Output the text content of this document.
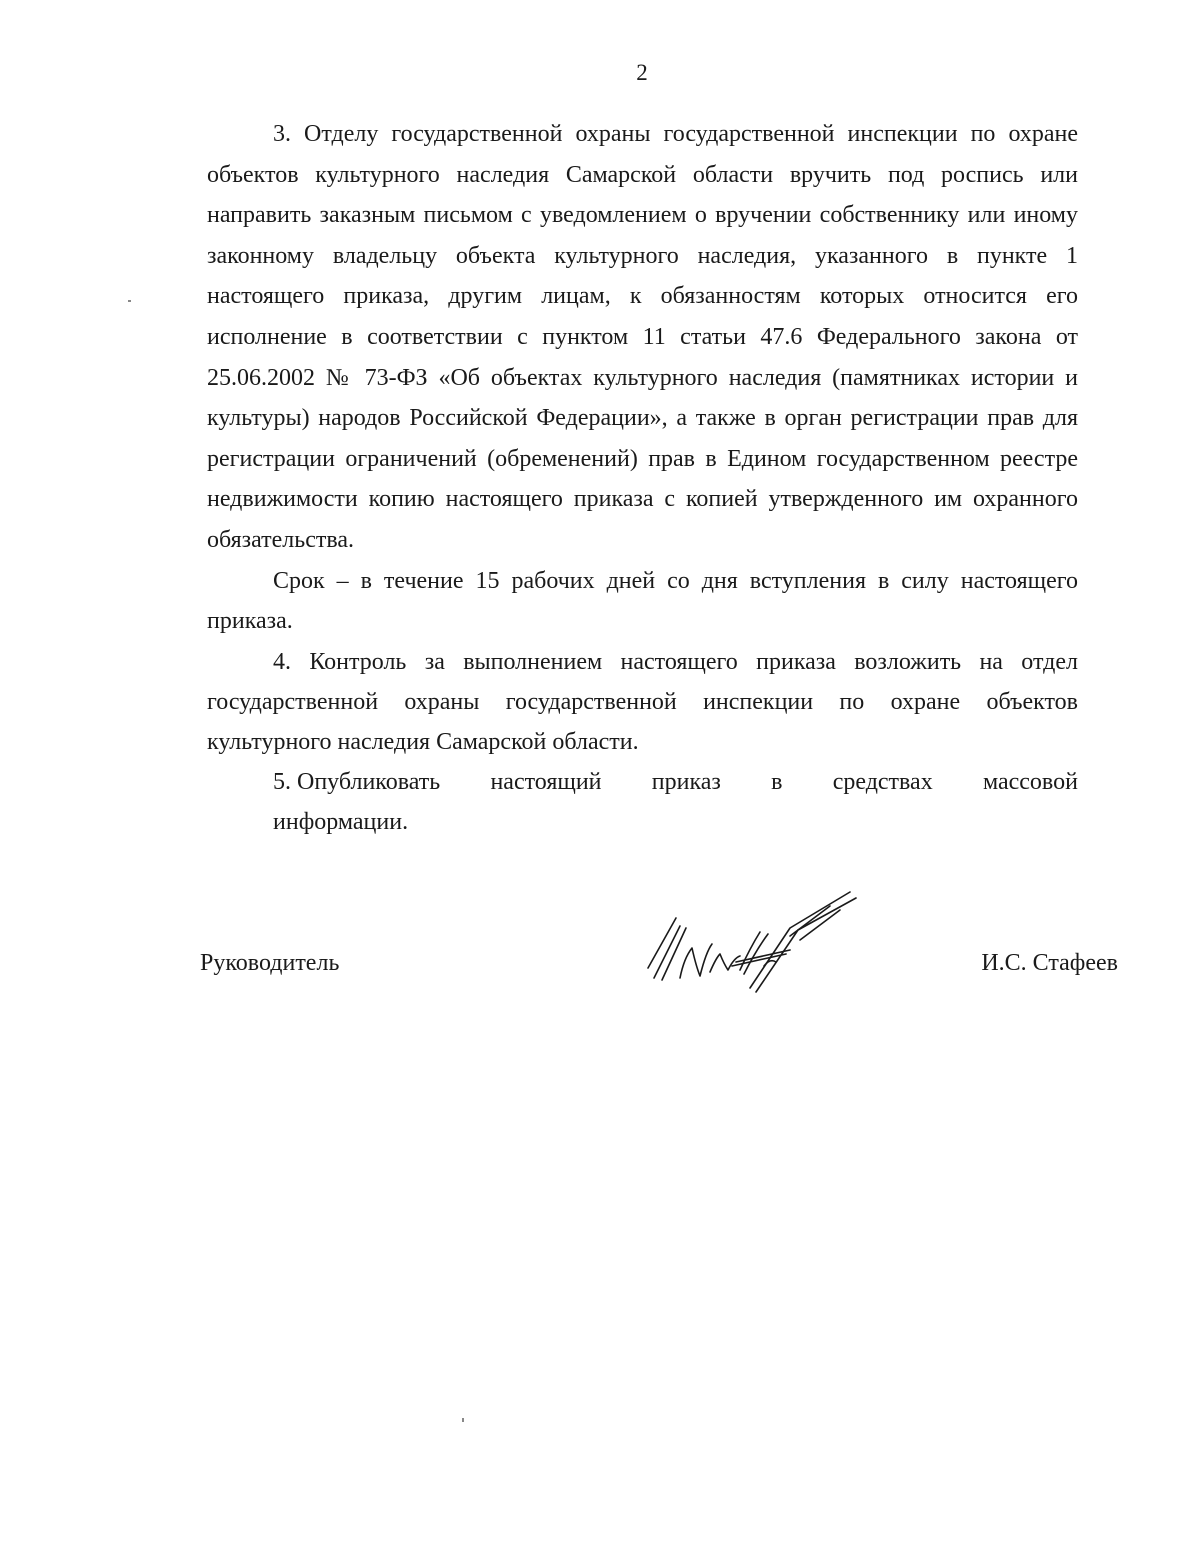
2

3. Отделу государственной охраны государственной инспекции по охране объектов культурного наследия Самарской области вручить под роспись или направить заказным письмом с уведомлением о вручении собственнику или иному законному владельцу объекта культурного наследия, указанного в пункте 1 настоящего приказа, другим лицам, к обязанностям которых относится его исполнение в соответствии с пунктом 11 статьи 47.6 Федерального закона от 25.06.2002 № 73-ФЗ «Об объектах культурного наследия (памятниках истории и культуры) народов Российской Федерации», а также в орган регистрации прав для регистрации ограничений (обременений) прав в Едином государственном реестре недвижимости копию настоящего приказа с копией утвержденного им охранного обязательства.

Срок – в течение 15 рабочих дней со дня вступления в силу настоящего приказа.

4. Контроль за выполнением настоящего приказа возложить на отдел государственной охраны государственной инспекции по охране объектов культурного наследия Самарской области.

5. Опубликовать настоящий приказ в средствах массовой
информации.
Руководитель	И.С. Стафеев
